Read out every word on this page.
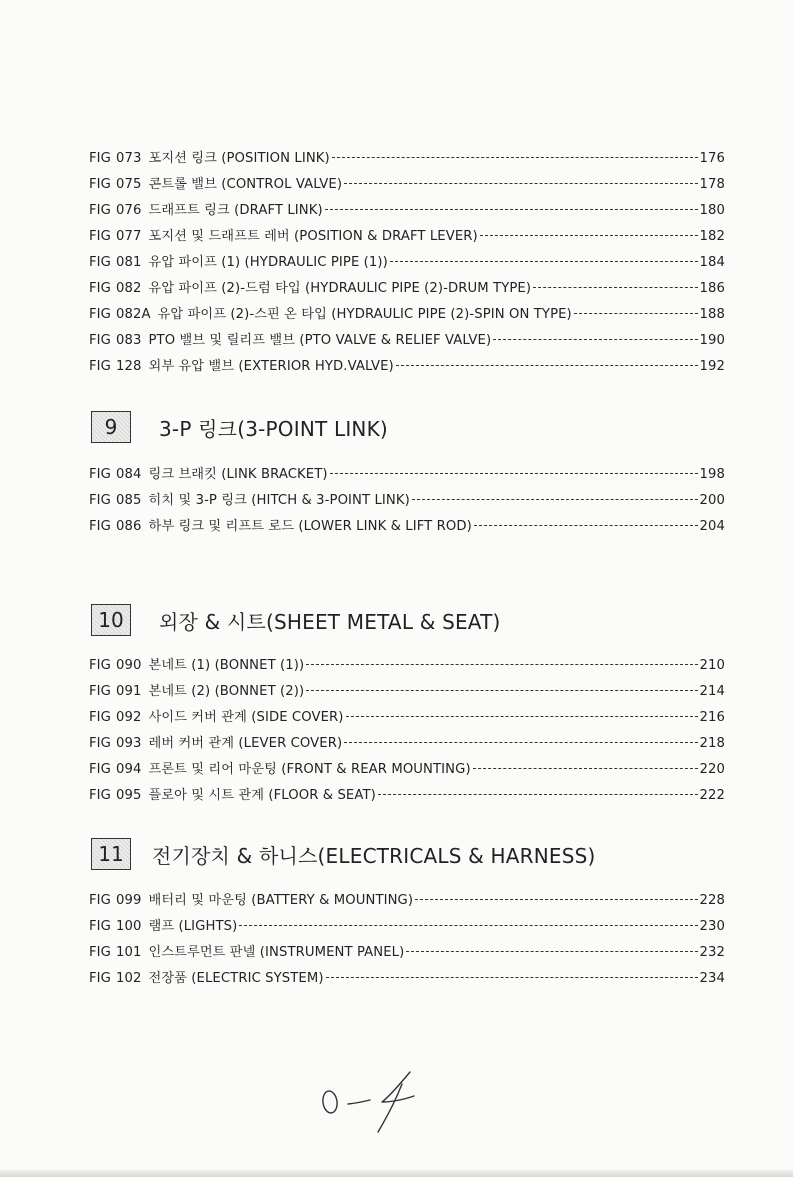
FIG 073 포지션 링크 (POSITION LINK)	176
FIG 075 콘트롤 밸브 (CONTROL VALVE)	178
FIG 076 드래프트 링크 (DRAFT LINK)	180
FIG 077 포지션 및 드래프트 레버 (POSITION & DRAFT LEVER)	182
FIG 081 유압 파이프 (1) (HYDRAULIC PIPE (1))	184
FIG 082 유압 파이프 (2)-드럼 타입 (HYDRAULIC PIPE (2)-DRUM TYPE)	186
FIG 082A 유압 파이프 (2)-스핀 온 타입 (HYDRAULIC PIPE (2)-SPIN ON TYPE)	188
FIG 083 PTO 밸브 및 릴리프 밸브 (PTO VALVE & RELIEF VALVE)	190
FIG 128 외부 유압 밸브 (EXTERIOR HYD.VALVE)	192
9	3-P 링크(3-POINT LINK)
FIG 084 링크 브래킷 (LINK BRACKET)	198
FIG 085 히치 및 3-P 링크 (HITCH & 3-POINT LINK)	200
FIG 086 하부 링크 및 리프트 로드 (LOWER LINK & LIFT ROD)	204
10	외장 & 시트(SHEET METAL & SEAT)
FIG 090 본네트 (1) (BONNET (1))	210
FIG 091 본네트 (2) (BONNET (2))	214
FIG 092 사이드 커버 관계 (SIDE COVER)	216
FIG 093 레버 커버 관계 (LEVER COVER)	218
FIG 094 프론트 및 리어 마운팅 (FRONT & REAR MOUNTING)	220
FIG 095 플로아 및 시트 관계 (FLOOR & SEAT)	222
11	전기장치 & 하니스(ELECTRICALS & HARNESS)
FIG 099 배터리 및 마운팅 (BATTERY & MOUNTING)	228
FIG 100 램프 (LIGHTS)	230
FIG 101 인스트루먼트 판넬 (INSTRUMENT PANEL)	232
FIG 102 전장품 (ELECTRIC SYSTEM)	234
